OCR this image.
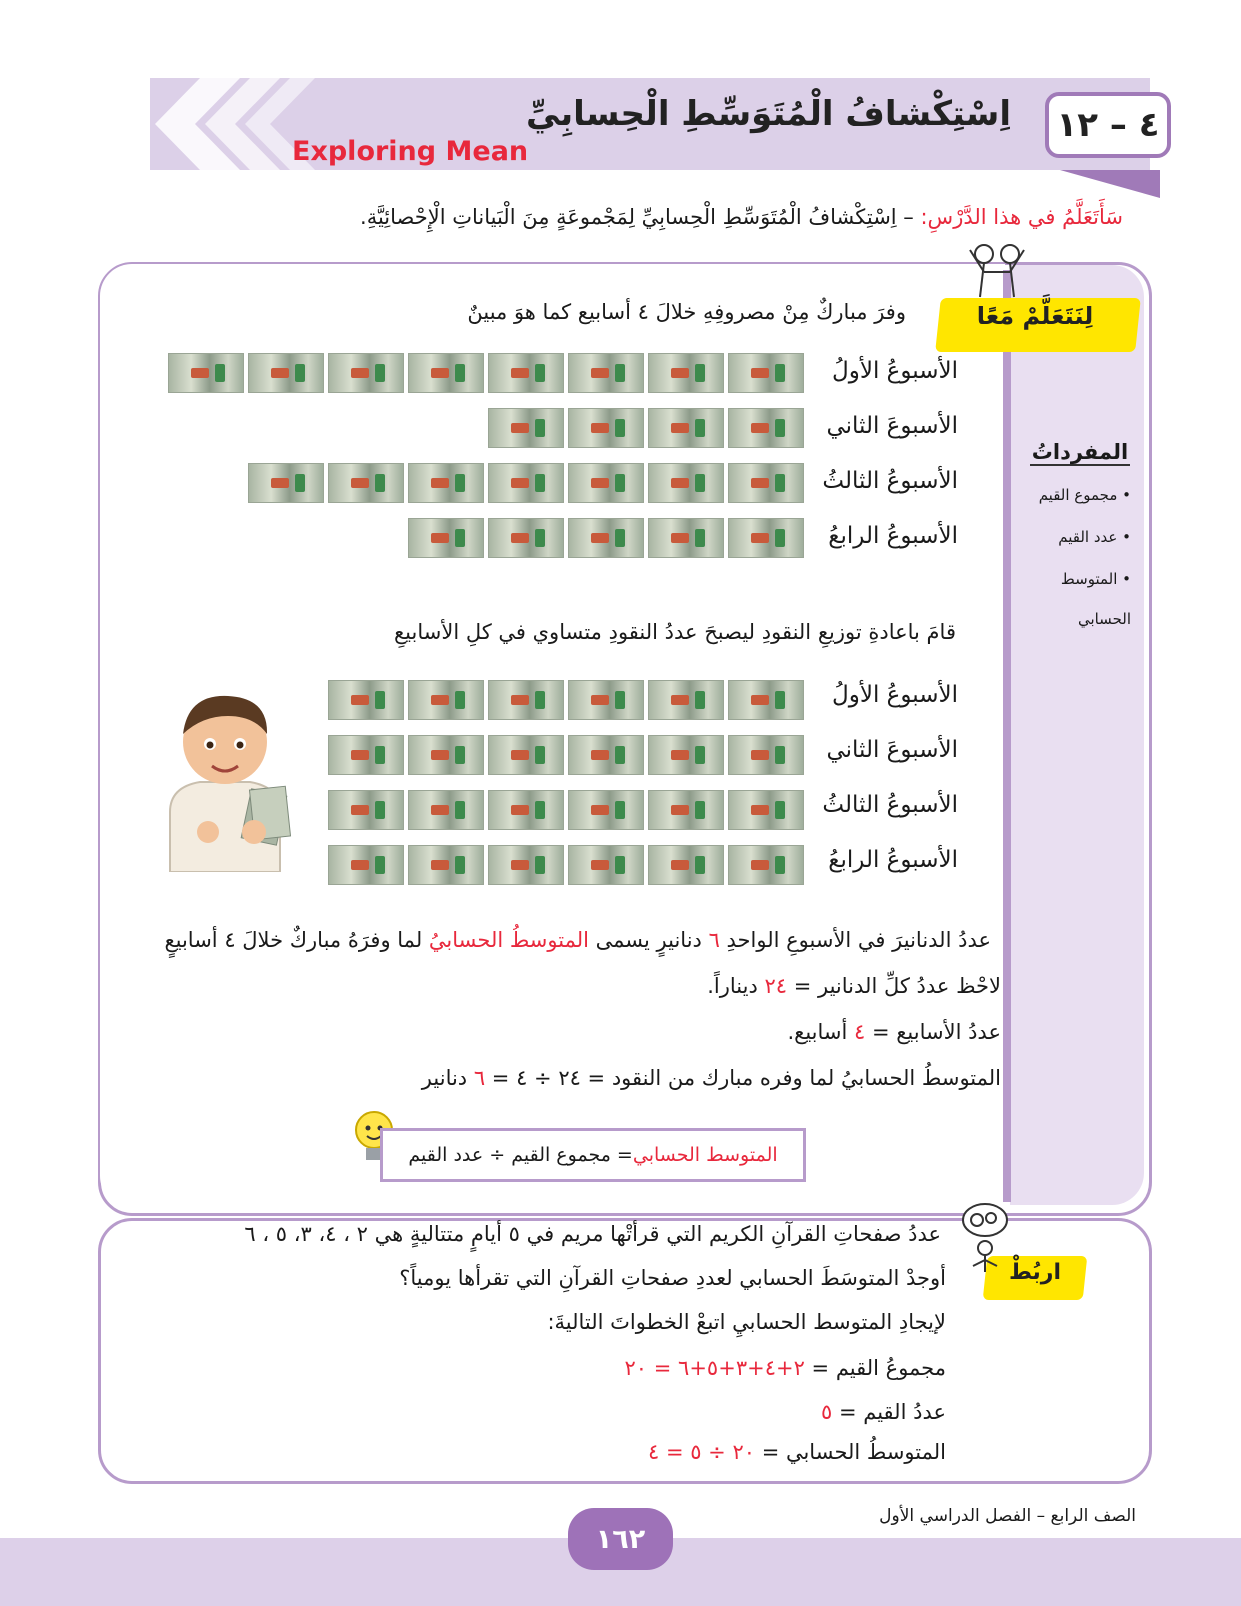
٤ – ١٢
اِسْتِكْشافُ الْمُتَوَسِّطِ الْحِسابِيِّ
Exploring Mean
سَأَتَعَلَّمُ في هذا الدَّرْسِ: – اِسْتِكْشافُ الْمُتَوَسِّطِ الْحِسابِيِّ لِمَجْموعَةٍ مِنَ الْبَياناتِ الْإِحْصائِيَّةِ.
لِنَتَعَلَّمْ مَعًا
وفرَ مباركٌ مِنْ مصروفِهِ خلالَ ٤ أسابيع كما هوَ مبينٌ
الأسبوعُ الأولُ
الأسبوعَ الثاني
الأسبوعُ الثالثُ
الأسبوعُ الرابعُ
المفرداتُ
• مجموع القيم
• عدد القيم
• المتوسط
الحسابي
قامَ باعادةِ توزيعِ النقودِ ليصبحَ عددُ النقودِ متساوي في كلِ الأسابيعِ
الأسبوعُ الأولُ
الأسبوعَ الثاني
الأسبوعُ الثالثُ
الأسبوعُ الرابعُ
عددُ الدنانيرَ في الأسبوعِ الواحدِ ٦ دنانيرٍ يسمى المتوسطُ الحسابيُ لما وفرَهُ مباركٌ خلالَ ٤ أسابيعٍ
لاحْظ عددُ كلِّ الدنانير = ٢٤ ديناراً.
عددُ الأسابيع = ٤ أسابيع.
المتوسطُ الحسابيُ لما وفره مبارك من النقود = ٢٤ ÷ ٤ = ٦ دنانير
المتوسط الحسابي
= مجموع القيم ÷ عدد القيم
اربُطْ
عددُ صفحاتِ القرآنِ الكريم التي قرأتْها مريم في ٥ أيامٍ متتاليةٍ هي ٢ ، ٤، ٣، ٥ ، ٦
أوجدْ المتوسَطَ الحسابي لعددِ صفحاتِ القرآنِ التي تقرأها يومياً؟
لإيجادِ المتوسط الحسابيِ اتبعْ الخطواتَ التاليةَ:
مجموعُ القيم = ٢+٤+٣+٥+٦ = ٢٠
عددُ القيم = ٥
المتوسطُ الحسابي = ٢٠ ÷ ٥ = ٤
١٦٢
الصف الرابع – الفصل الدراسي الأول
